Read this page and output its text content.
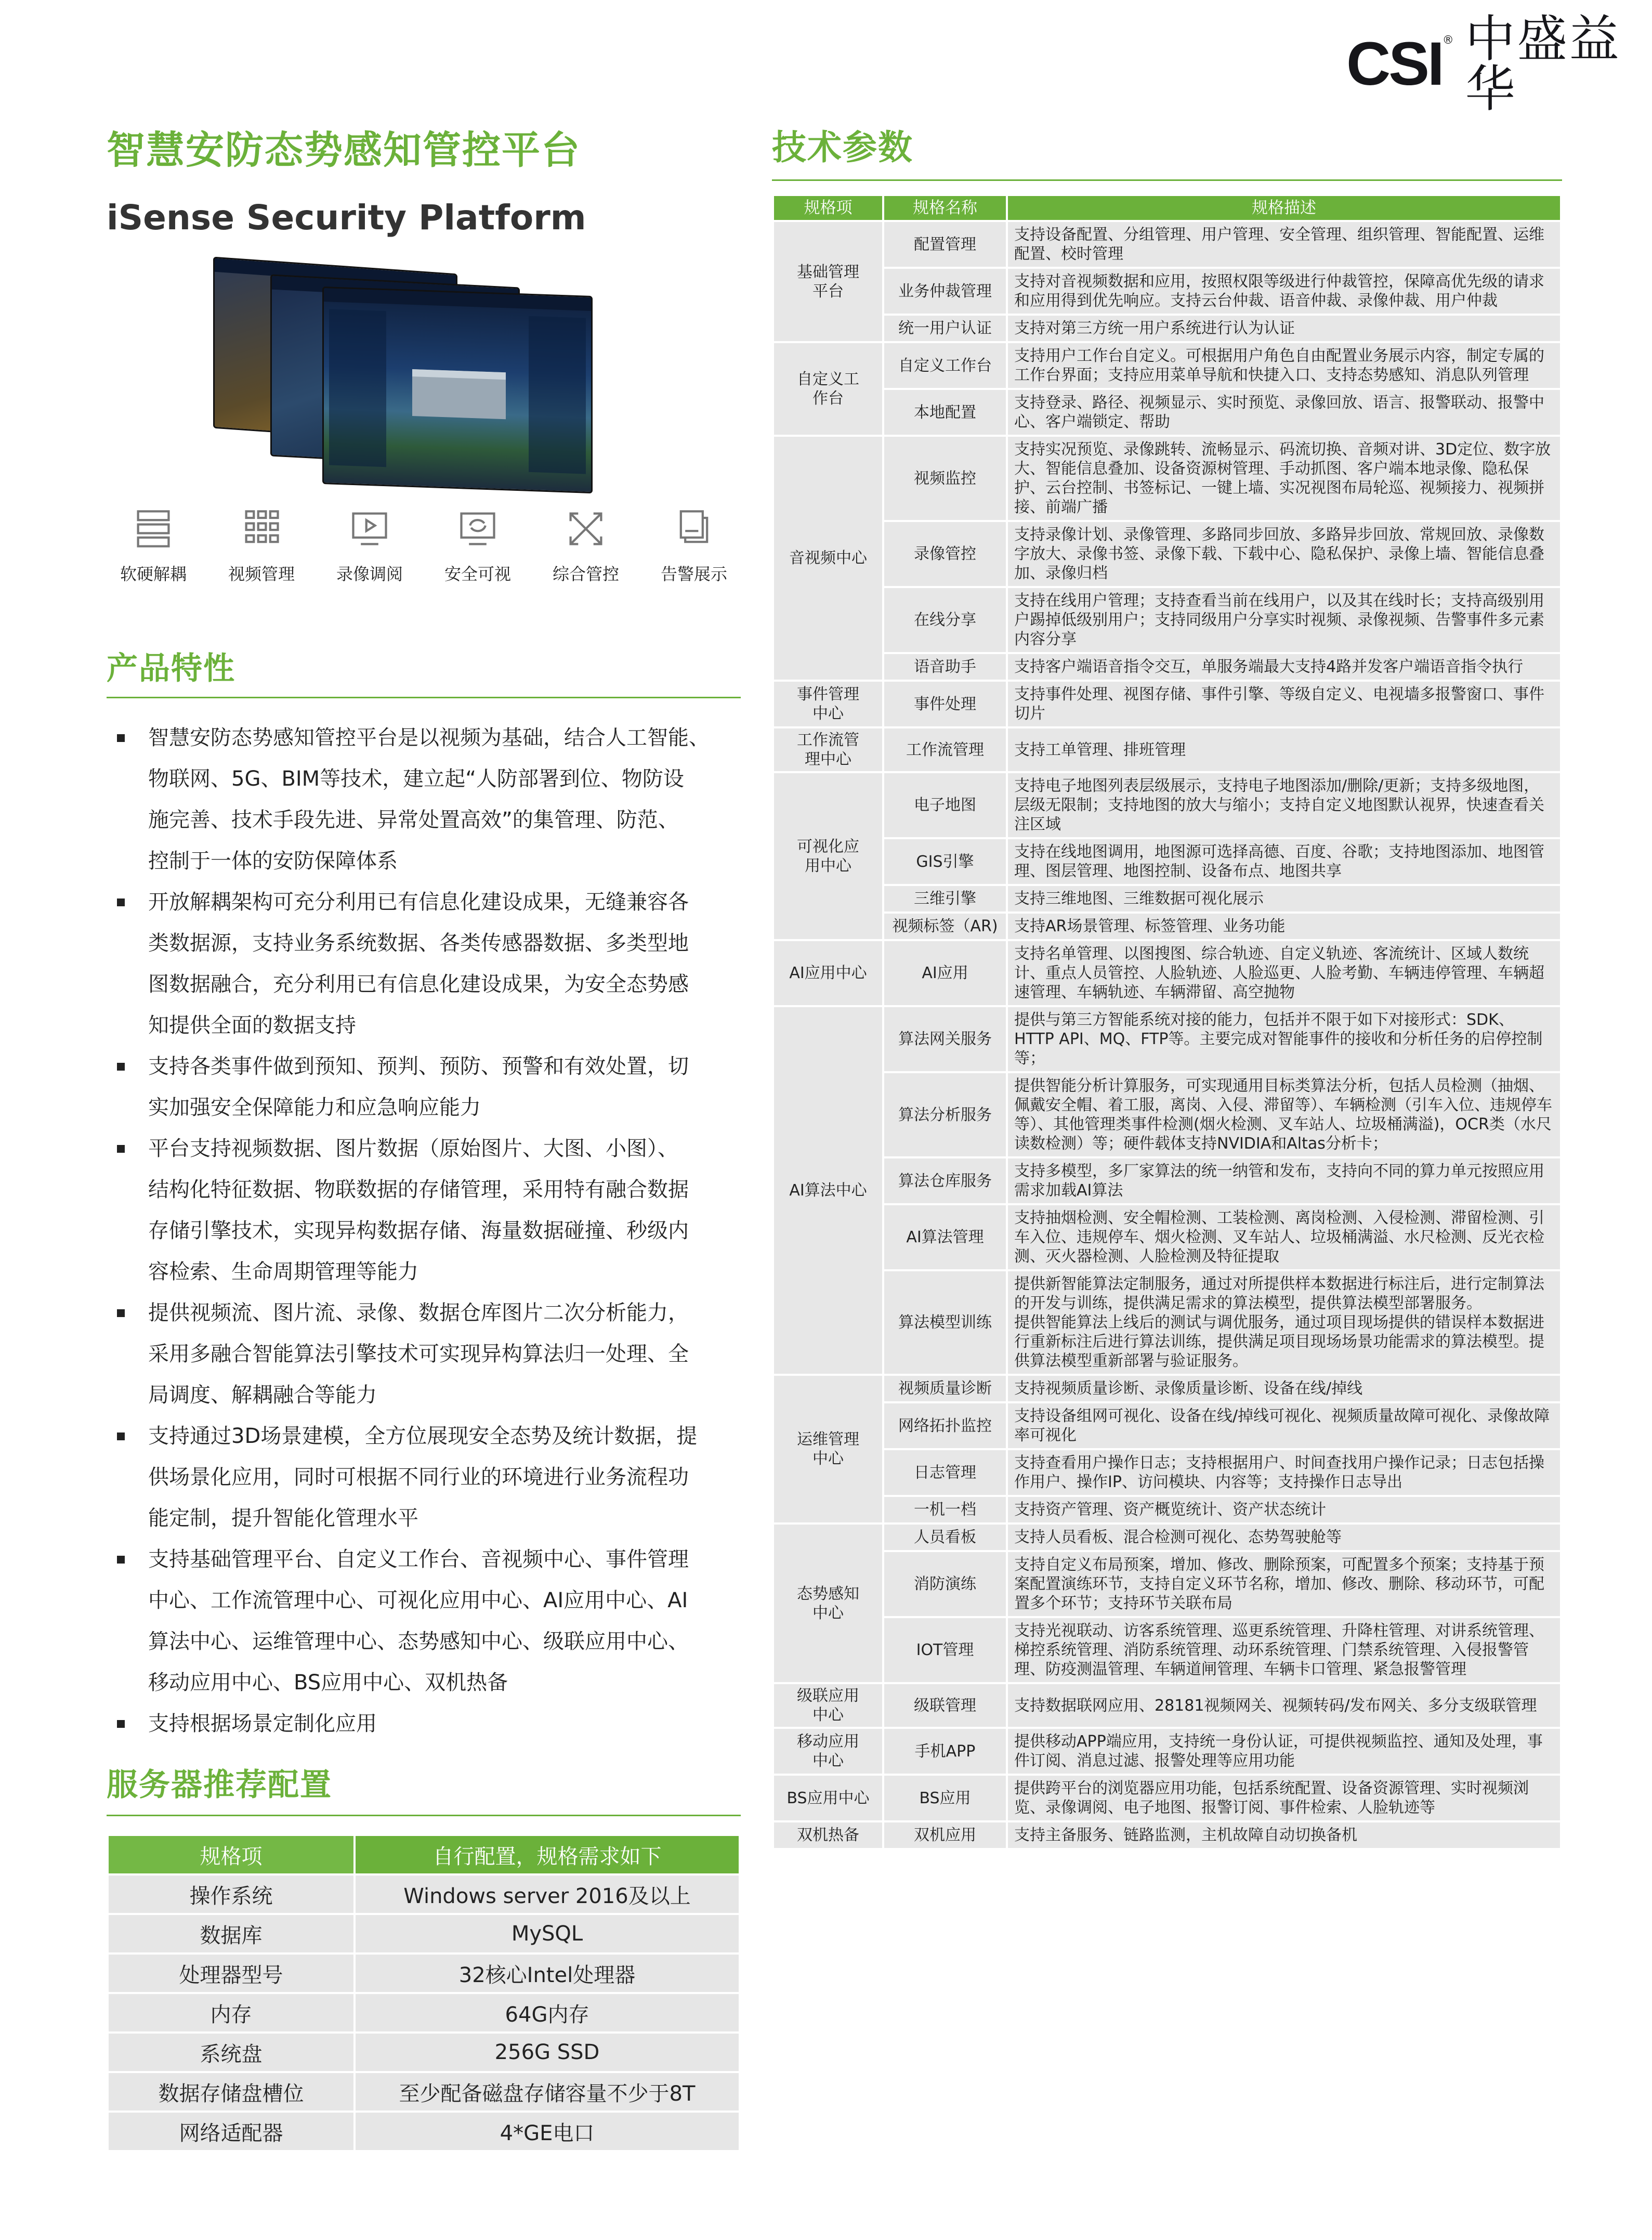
CSI ® 中盛益华
智慧安防态势感知管控平台
iSense Security Platform
软硬解耦 视频管理 录像调阅 安全可视 综合管控 告警展示
产品特性
智慧安防态势感知管控平台是以视频为基础，结合人工智能、
物联网、5G、BIM等技术，建立起“人防部署到位、物防设
施完善、技术手段先进、异常处置高效”的集管理、防范、
控制于一体的安防保障体系
开放解耦架构可充分利用已有信息化建设成果，无缝兼容各
类数据源，支持业务系统数据、各类传感器数据、多类型地
图数据融合，充分利用已有信息化建设成果，为安全态势感
知提供全面的数据支持
支持各类事件做到预知、预判、预防、预警和有效处置，切
实加强安全保障能力和应急响应能力
平台支持视频数据、图片数据（原始图片、大图、小图）、
结构化特征数据、物联数据的存储管理，采用特有融合数据
存储引擎技术，实现异构数据存储、海量数据碰撞、秒级内
容检索、生命周期管理等能力
提供视频流、图片流、录像、数据仓库图片二次分析能力，
采用多融合智能算法引擎技术可实现异构算法归一处理、全
局调度、解耦融合等能力
支持通过3D场景建模，全方位展现安全态势及统计数据，提
供场景化应用，同时可根据不同行业的环境进行业务流程功
能定制，提升智能化管理水平
支持基础管理平台、自定义工作台、音视频中心、事件管理
中心、工作流管理中心、可视化应用中心、AI应用中心、AI
算法中心、运维管理中心、态势感知中心、级联应用中心、
移动应用中心、BS应用中心、双机热备
支持根据场景定制化应用
服务器推荐配置
规格项	自行配置，规格需求如下
操作系统	Windows server 2016及以上
数据库	MySQL
处理器型号	32核心Intel处理器
内存	64G内存
系统盘	256G SSD
数据存储盘槽位	至少配备磁盘存储容量不少于8T
网络适配器	4*GE电口
技术参数
规格项	规格名称	规格描述
基础管理
平台	配置管理	支持设备配置、分组管理、用户管理、安全管理、组织管理、智能配置、运维配置、校时管理
	业务仲裁管理	支持对音视频数据和应用，按照权限等级进行仲裁管控，保障高优先级的请求和应用得到优先响应。支持云台仲裁、语音仲裁、录像仲裁、用户仲裁
	统一用户认证	支持对第三方统一用户系统进行认为认证
自定义工
作台	自定义工作台	支持用户工作台自定义。可根据用户角色自由配置业务展示内容，制定专属的工作台界面；支持应用菜单导航和快捷入口、支持态势感知、消息队列管理
	本地配置	支持登录、路径、视频显示、实时预览、录像回放、语言、报警联动、报警中心、客户端锁定、帮助
音视频中心	视频监控	支持实况预览、录像跳转、流畅显示、码流切换、音频对讲、3D定位、数字放大、智能信息叠加、设备资源树管理、手动抓图、客户端本地录像、隐私保护、云台控制、书签标记、一键上墙、实况视图布局轮巡、视频接力、视频拼接、前端广播
	录像管控	支持录像计划、录像管理、多路同步回放、多路异步回放、常规回放、录像数字放大、录像书签、录像下载、下载中心、隐私保护、录像上墙、智能信息叠加、录像归档
	在线分享	支持在线用户管理；支持查看当前在线用户，以及其在线时长；支持高级别用户踢掉低级别用户；支持同级用户分享实时视频、录像视频、告警事件多元素内容分享
	语音助手	支持客户端语音指令交互，单服务端最大支持4路并发客户端语音指令执行
事件管理
中心	事件处理	支持事件处理、视图存储、事件引擎、等级自定义、电视墙多报警窗口、事件切片
工作流管
理中心	工作流管理	支持工单管理、排班管理
可视化应
用中心	电子地图	支持电子地图列表层级展示，支持电子地图添加/删除/更新；支持多级地图，层级无限制；支持地图的放大与缩小；支持自定义地图默认视界，快速查看关注区域
	GIS引擎	支持在线地图调用，地图源可选择高德、百度、谷歌；支持地图添加、地图管理、图层管理、地图控制、设备布点、地图共享
	三维引擎	支持三维地图、三维数据可视化展示
	视频标签（AR)	支持AR场景管理、标签管理、业务功能
AI应用中心	AI应用	支持名单管理、以图搜图、综合轨迹、自定义轨迹、客流统计、区域人数统计、重点人员管控、人脸轨迹、人脸巡更、人脸考勤、车辆违停管理、车辆超速管理、车辆轨迹、车辆滞留、高空抛物
AI算法中心	算法网关服务	提供与第三方智能系统对接的能力，包括并不限于如下对接形式：SDK、HTTP API、MQ、FTP等。主要完成对智能事件的接收和分析任务的启停控制等；
	算法分析服务	提供智能分析计算服务，可实现通用目标类算法分析，包括人员检测（抽烟、佩戴安全帽、着工服，离岗、入侵、滞留等）、车辆检测（引车入位、违规停车等）、其他管理类事件检测(烟火检测、叉车站人、垃圾桶满溢)，OCR类（水尺读数检测）等；硬件载体支持NVIDIA和Altas分析卡；
	算法仓库服务	支持多模型，多厂家算法的统一纳管和发布，支持向不同的算力单元按照应用需求加载AI算法
	AI算法管理	支持抽烟检测、安全帽检测、工装检测、离岗检测、入侵检测、滞留检测、引车入位、违规停车、烟火检测、叉车站人、垃圾桶满溢、水尺检测、反光衣检测、灭火器检测、人脸检测及特征提取
	算法模型训练	提供新智能算法定制服务，通过对所提供样本数据进行标注后，进行定制算法的开发与训练，提供满足需求的算法模型，提供算法模型部署服务。
提供智能算法上线后的测试与调优服务，通过项目现场提供的错误样本数据进行重新标注后进行算法训练，提供满足项目现场场景功能需求的算法模型。提供算法模型重新部署与验证服务。
运维管理
中心	视频质量诊断	支持视频质量诊断、录像质量诊断、设备在线/掉线
	网络拓扑监控	支持设备组网可视化、设备在线/掉线可视化、视频质量故障可视化、录像故障率可视化
	日志管理	支持查看用户操作日志；支持根据用户、时间查找用户操作记录；日志包括操作用户、操作IP、访问模块、内容等；支持操作日志导出
	一机一档	支持资产管理、资产概览统计、资产状态统计
态势感知
中心	人员看板	支持人员看板、混合检测可视化、态势驾驶舱等
	消防演练	支持自定义布局预案，增加、修改、删除预案，可配置多个预案；支持基于预案配置演练环节，支持自定义环节名称，增加、修改、删除、移动环节，可配置多个环节；支持环节关联布局
	IOT管理	支持光视联动、访客系统管理、巡更系统管理、升降柱管理、对讲系统管理、梯控系统管理、消防系统管理、动环系统管理、门禁系统管理、入侵报警管理、防疫测温管理、车辆道闸管理、车辆卡口管理、紧急报警管理
级联应用
中心	级联管理	支持数据联网应用、28181视频网关、视频转码/发布网关、多分支级联管理
移动应用
中心	手机APP	提供移动APP端应用，支持统一身份认证，可提供视频监控、通知及处理，事件订阅、消息过滤、报警处理等应用功能
BS应用中心	BS应用	提供跨平台的浏览器应用功能，包括系统配置、设备资源管理、实时视频浏览、录像调阅、电子地图、报警订阅、事件检索、人脸轨迹等
双机热备	双机应用	支持主备服务、链路监测，主机故障自动切换备机
